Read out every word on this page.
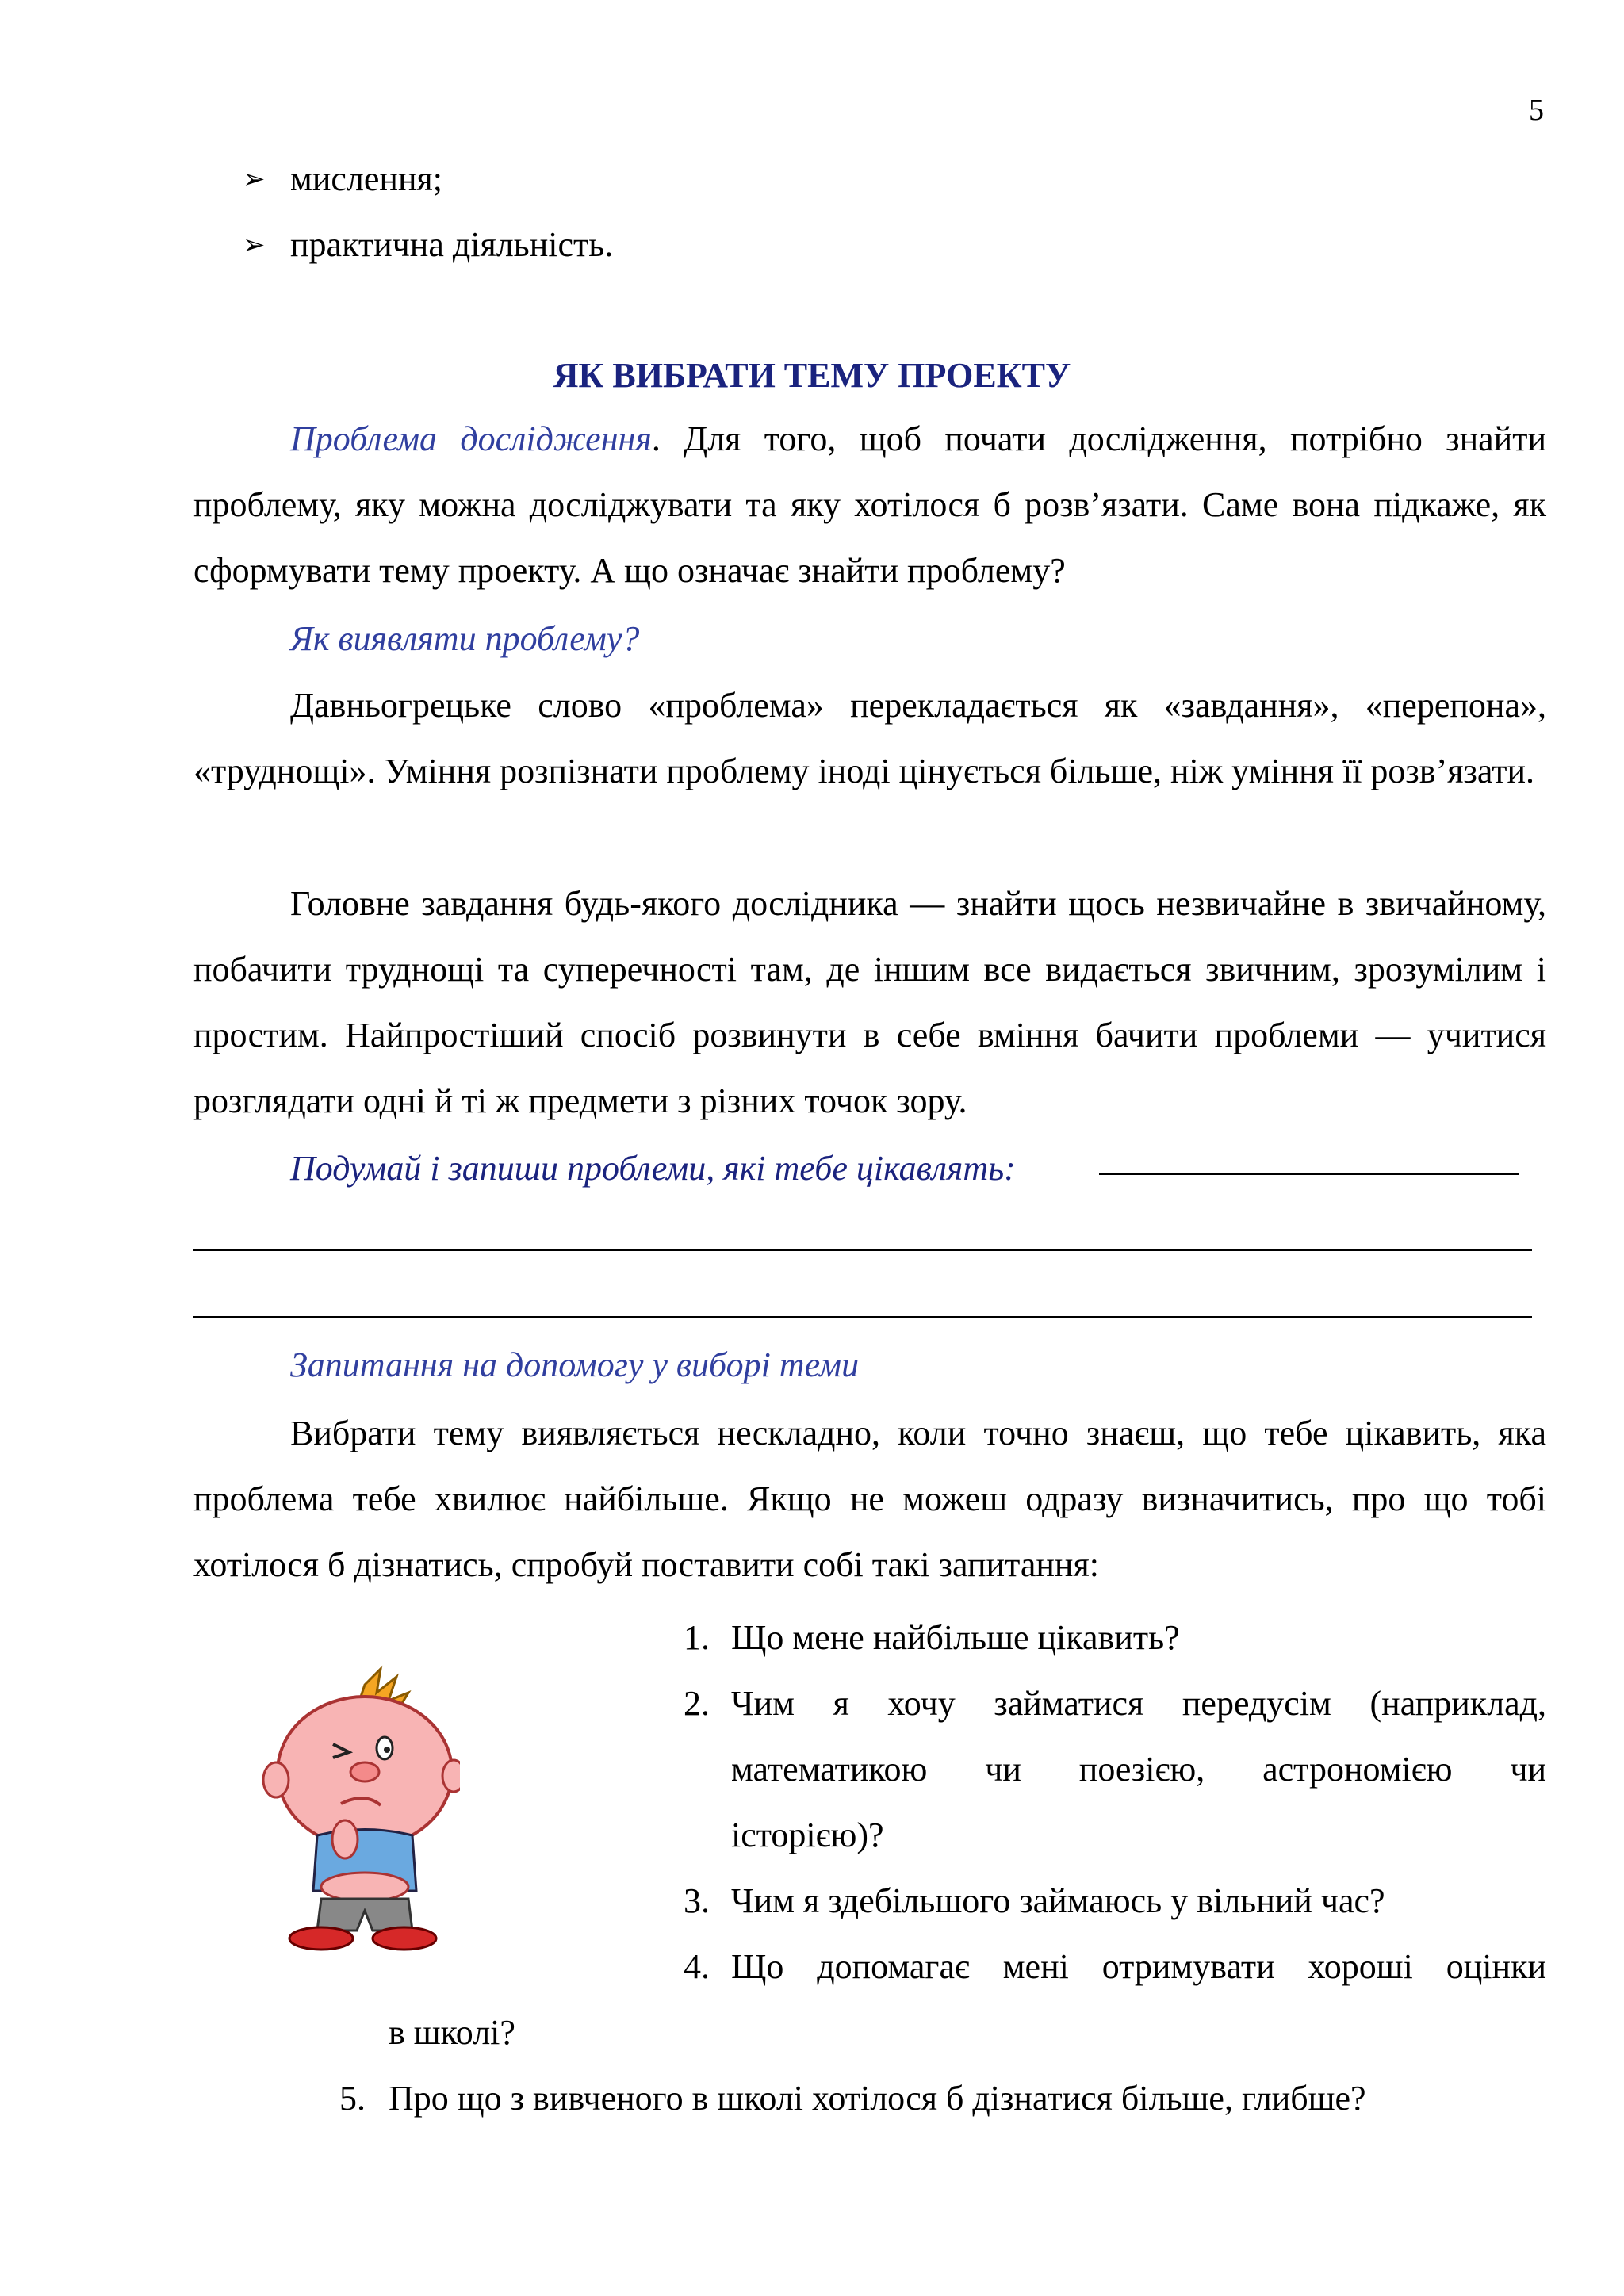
5
➢ мислення;
➢ практична діяльність.
ЯК ВИБРАТИ ТЕМУ ПРОЕКТУ

Проблема дослідження. Для того, щоб почати дослідження, потрібно знайти проблему, яку можна досліджувати та яку хотілося б розв’язати. Саме вона підкаже, як сформувати тему проекту. А що означає знайти проблему?

Як виявляти проблему?

Давньогрецьке слово «проблема» перекладається як «завдання», «перепона», «труднощі». Уміння розпізнати проблему іноді цінується більше, ніж уміння її розв’язати.

Головне завдання будь-якого дослідника — знайти щось незвичайне в звичайному, побачити труднощі та суперечності там, де іншим все видається звичним, зрозумілим і простим. Найпростіший спосіб розвинути в себе вміння бачити проблеми — учитися розглядати одні й ті ж предмети з різних точок зору.

Подумай і запиши проблеми, які тебе цікавлять:

Запитання на допомогу у виборі теми

Вибрати тему виявляється нескладно, коли точно знаєш, що тебе цікавить, яка проблема тебе хвилює найбільше. Якщо не можеш одразу визначитись, про що тобі хотілося б дізнатись, спробуй поставити собі такі запитання:

1. Що мене найбільше цікавить?
2. Чим я хочу займатися передусім (наприклад,
математикою чи поезією, астрономією чи
історією)?
3. Чим я здебільшого займаюсь у вільний час?
4. Що допомагає мені отримувати хороші оцінки
в школі?
5. Про що з вивченого в школі хотілося б дізнатися більше, глибше?
